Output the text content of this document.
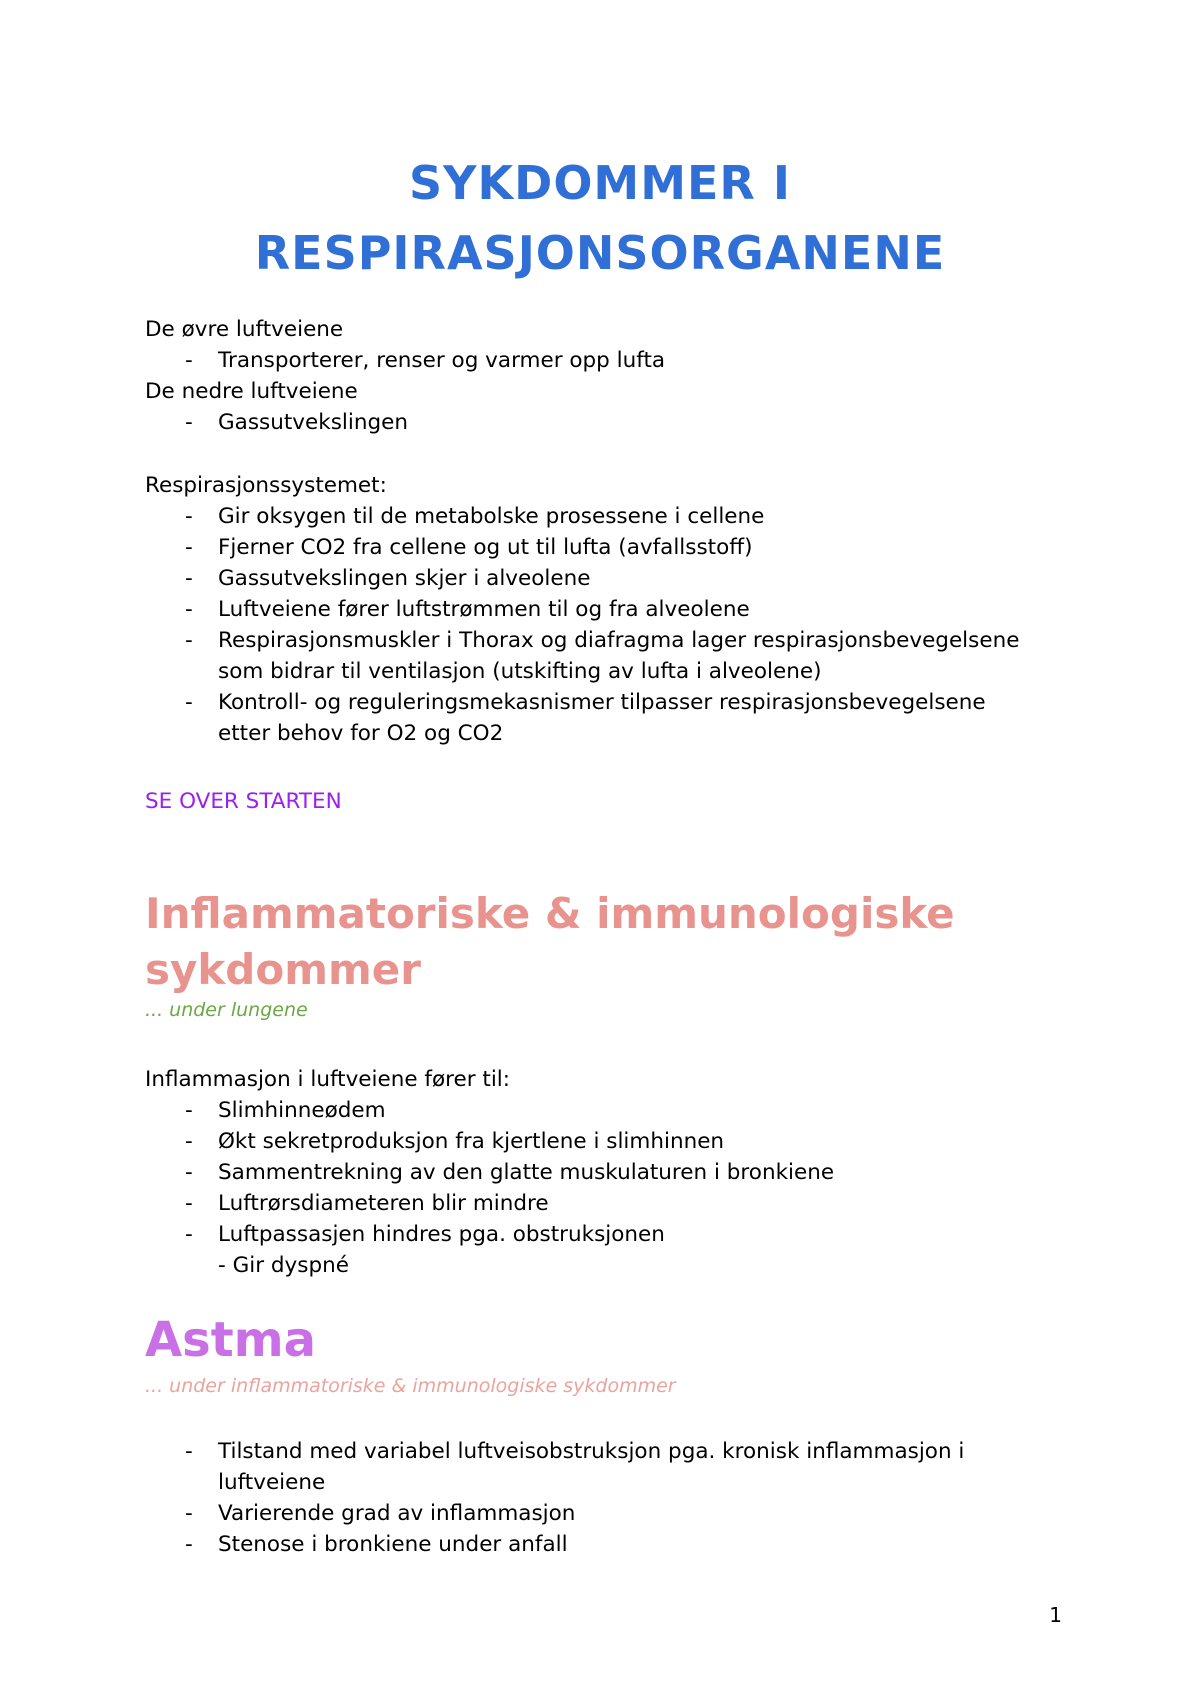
SYKDOMMER I
RESPIRASJONSORGANENE
De øvre luftveiene
- Transporterer, renser og varmer opp lufta
De nedre luftveiene
- Gassutvekslingen
Respirasjonssystemet:
- Gir oksygen til de metabolske prosessene i cellene
- Fjerner CO2 fra cellene og ut til lufta (avfallsstoff)
- Gassutvekslingen skjer i alveolene
- Luftveiene fører luftstrømmen til og fra alveolene
- Respirasjonsmuskler i Thorax og diafragma lager respirasjonsbevegelsene
som bidrar til ventilasjon (utskifting av lufta i alveolene)
- Kontroll- og reguleringsmekasnismer tilpasser respirasjonsbevegelsene
etter behov for O2 og CO2
SE OVER STARTEN
Inflammatoriske & immunologiske
sykdommer
... under lungene
Inflammasjon i luftveiene fører til:
- Slimhinneødem
- Økt sekretproduksjon fra kjertlene i slimhinnen
- Sammentrekning av den glatte muskulaturen i bronkiene
- Luftrørsdiameteren blir mindre
- Luftpassasjen hindres pga. obstruksjonen
- Gir dyspné
Astma
... under inflammatoriske & immunologiske sykdommer
- Tilstand med variabel luftveisobstruksjon pga. kronisk inflammasjon i
luftveiene
- Varierende grad av inflammasjon
- Stenose i bronkiene under anfall
1
